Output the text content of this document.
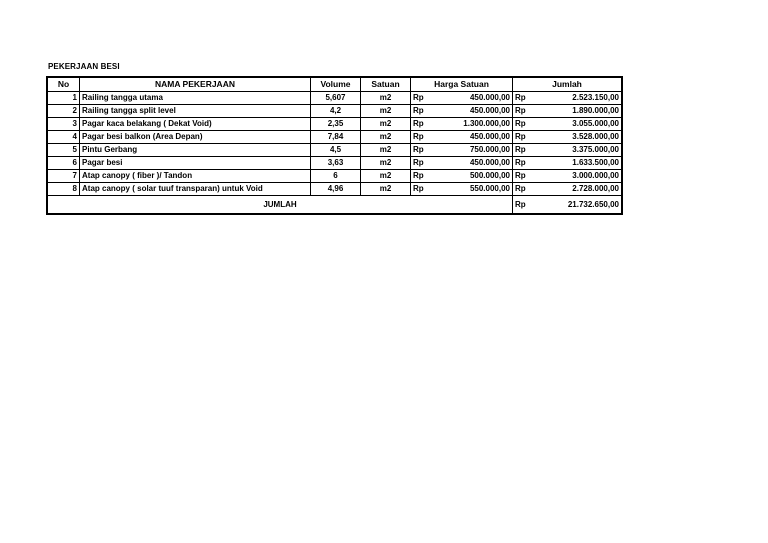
PEKERJAAN BESI
No	NAMA PEKERJAAN	Volume	Satuan	Harga Satuan		Jumlah	
1	Railing tangga utama	5,607	m2	Rp	450.000,00	Rp	2.523.150,00
2	Railing tangga split level	4,2	m2	Rp	450.000,00	Rp	1.890.000,00
3	Pagar kaca belakang ( Dekat Void)	2,35	m2	Rp	1.300.000,00	Rp	3.055.000,00
4	Pagar besi balkon (Area Depan)	7,84	m2	Rp	450.000,00	Rp	3.528.000,00
5	Pintu Gerbang	4,5	m2	Rp	750.000,00	Rp	3.375.000,00
6	Pagar besi	3,63	m2	Rp	450.000,00	Rp	1.633.500,00
7	Atap canopy ( fiber )/ Tandon	6	m2	Rp	500.000,00	Rp	3.000.000,00
8	Atap canopy ( solar tuuf transparan) untuk Void	4,96	m2	Rp	550.000,00	Rp	2.728.000,00
JUMLAH						Rp	21.732.650,00
